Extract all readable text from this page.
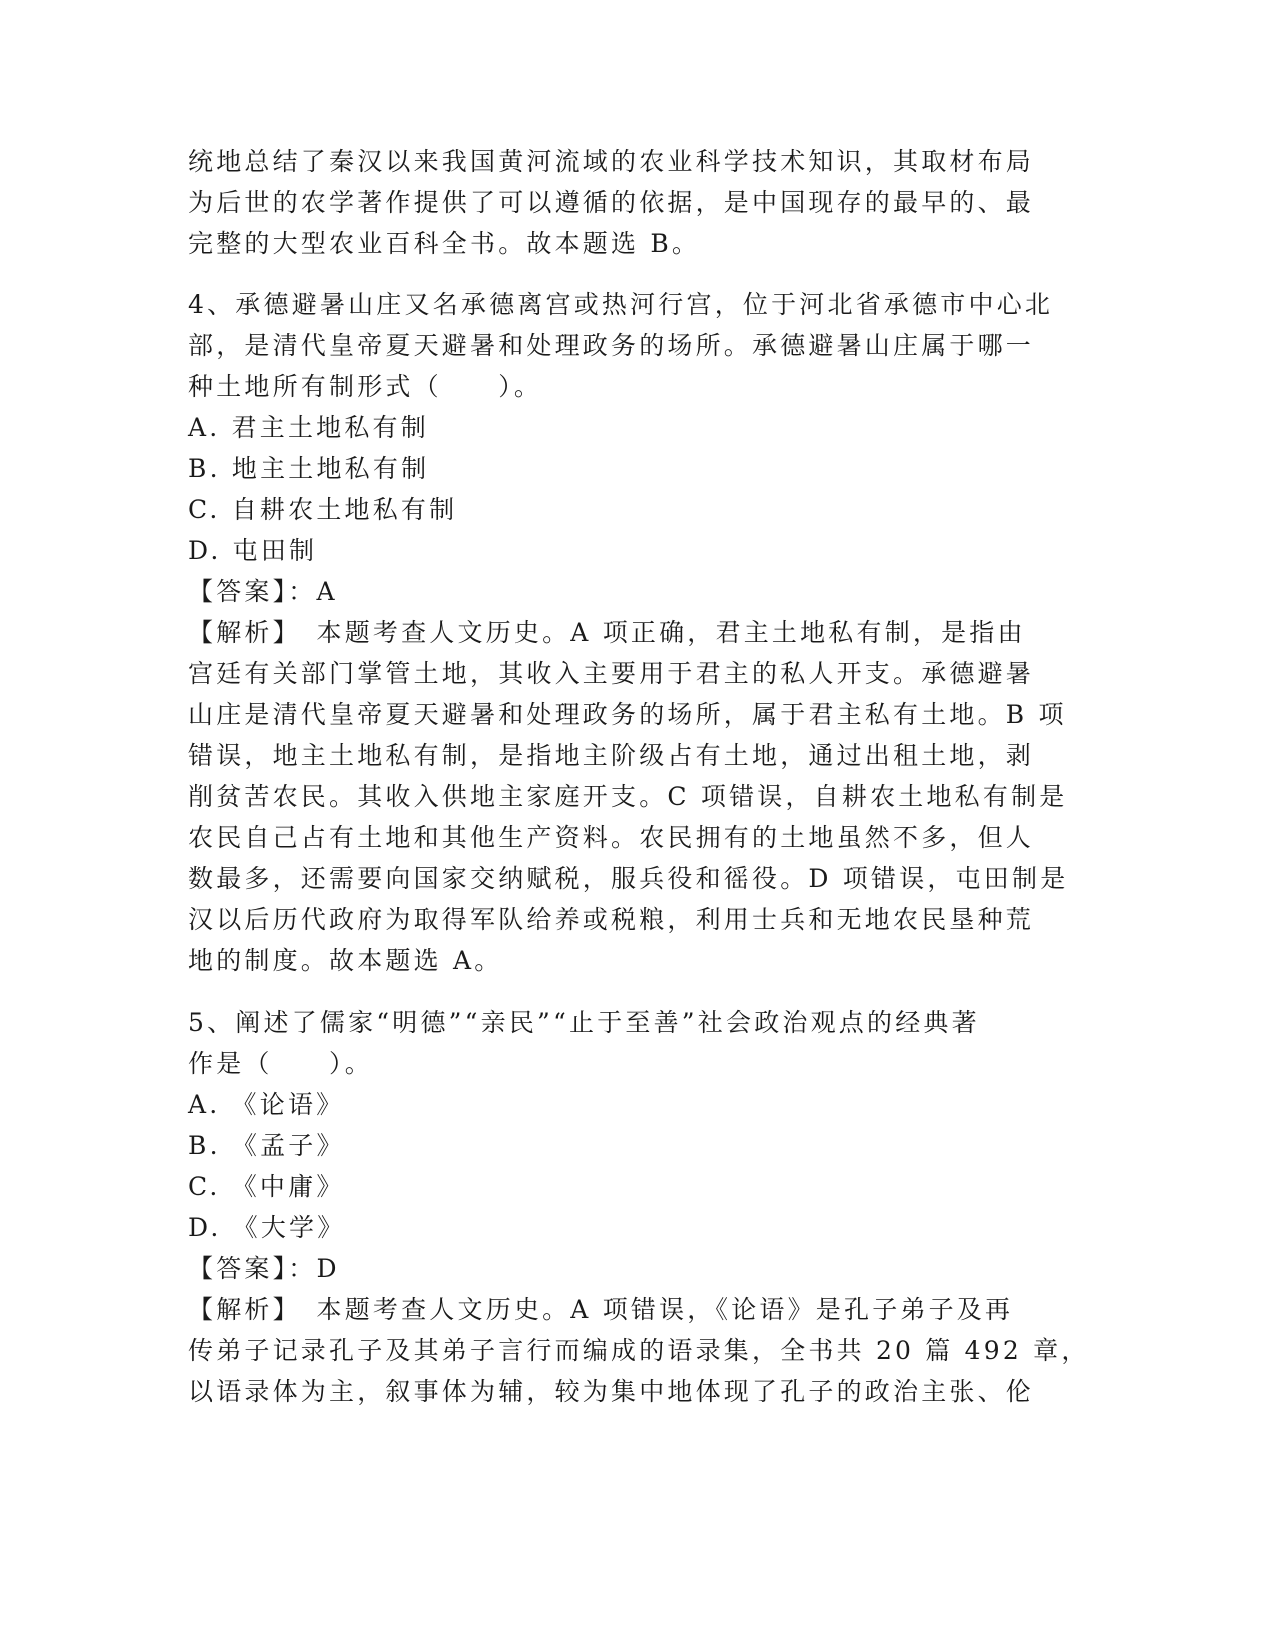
统地总结了秦汉以来我国黄河流域的农业科学技术知识，其取材布局
为后世的农学著作提供了可以遵循的依据，是中国现存的最早的、最
完整的大型农业百科全书。故本题选 B。
4、承德避暑山庄又名承德离宫或热河行宫，位于河北省承德市中心北
部，是清代皇帝夏天避暑和处理政务的场所。承德避暑山庄属于哪一
种土地所有制形式（　　）。
A. 君主土地私有制
B. 地主土地私有制
C. 自耕农土地私有制
D. 屯田制
【答案】：A
【解析】　本题考查人文历史。A 项正确，君主土地私有制，是指由
宫廷有关部门掌管土地，其收入主要用于君主的私人开支。承德避暑
山庄是清代皇帝夏天避暑和处理政务的场所，属于君主私有土地。B 项
错误，地主土地私有制，是指地主阶级占有土地，通过出租土地，剥
削贫苦农民。其收入供地主家庭开支。C 项错误，自耕农土地私有制是
农民自己占有土地和其他生产资料。农民拥有的土地虽然不多，但人
数最多，还需要向国家交纳赋税，服兵役和徭役。D 项错误，屯田制是
汉以后历代政府为取得军队给养或税粮，利用士兵和无地农民垦种荒
地的制度。故本题选 A。
5、阐述了儒家“明德”“亲民”“止于至善”社会政治观点的经典著
作是（　　）。
A. 《论语》
B. 《孟子》
C. 《中庸》
D. 《大学》
【答案】：D
【解析】　本题考查人文历史。A 项错误，《论语》是孔子弟子及再
传弟子记录孔子及其弟子言行而编成的语录集，全书共 20 篇 492 章，
以语录体为主，叙事体为辅，较为集中地体现了孔子的政治主张、伦
